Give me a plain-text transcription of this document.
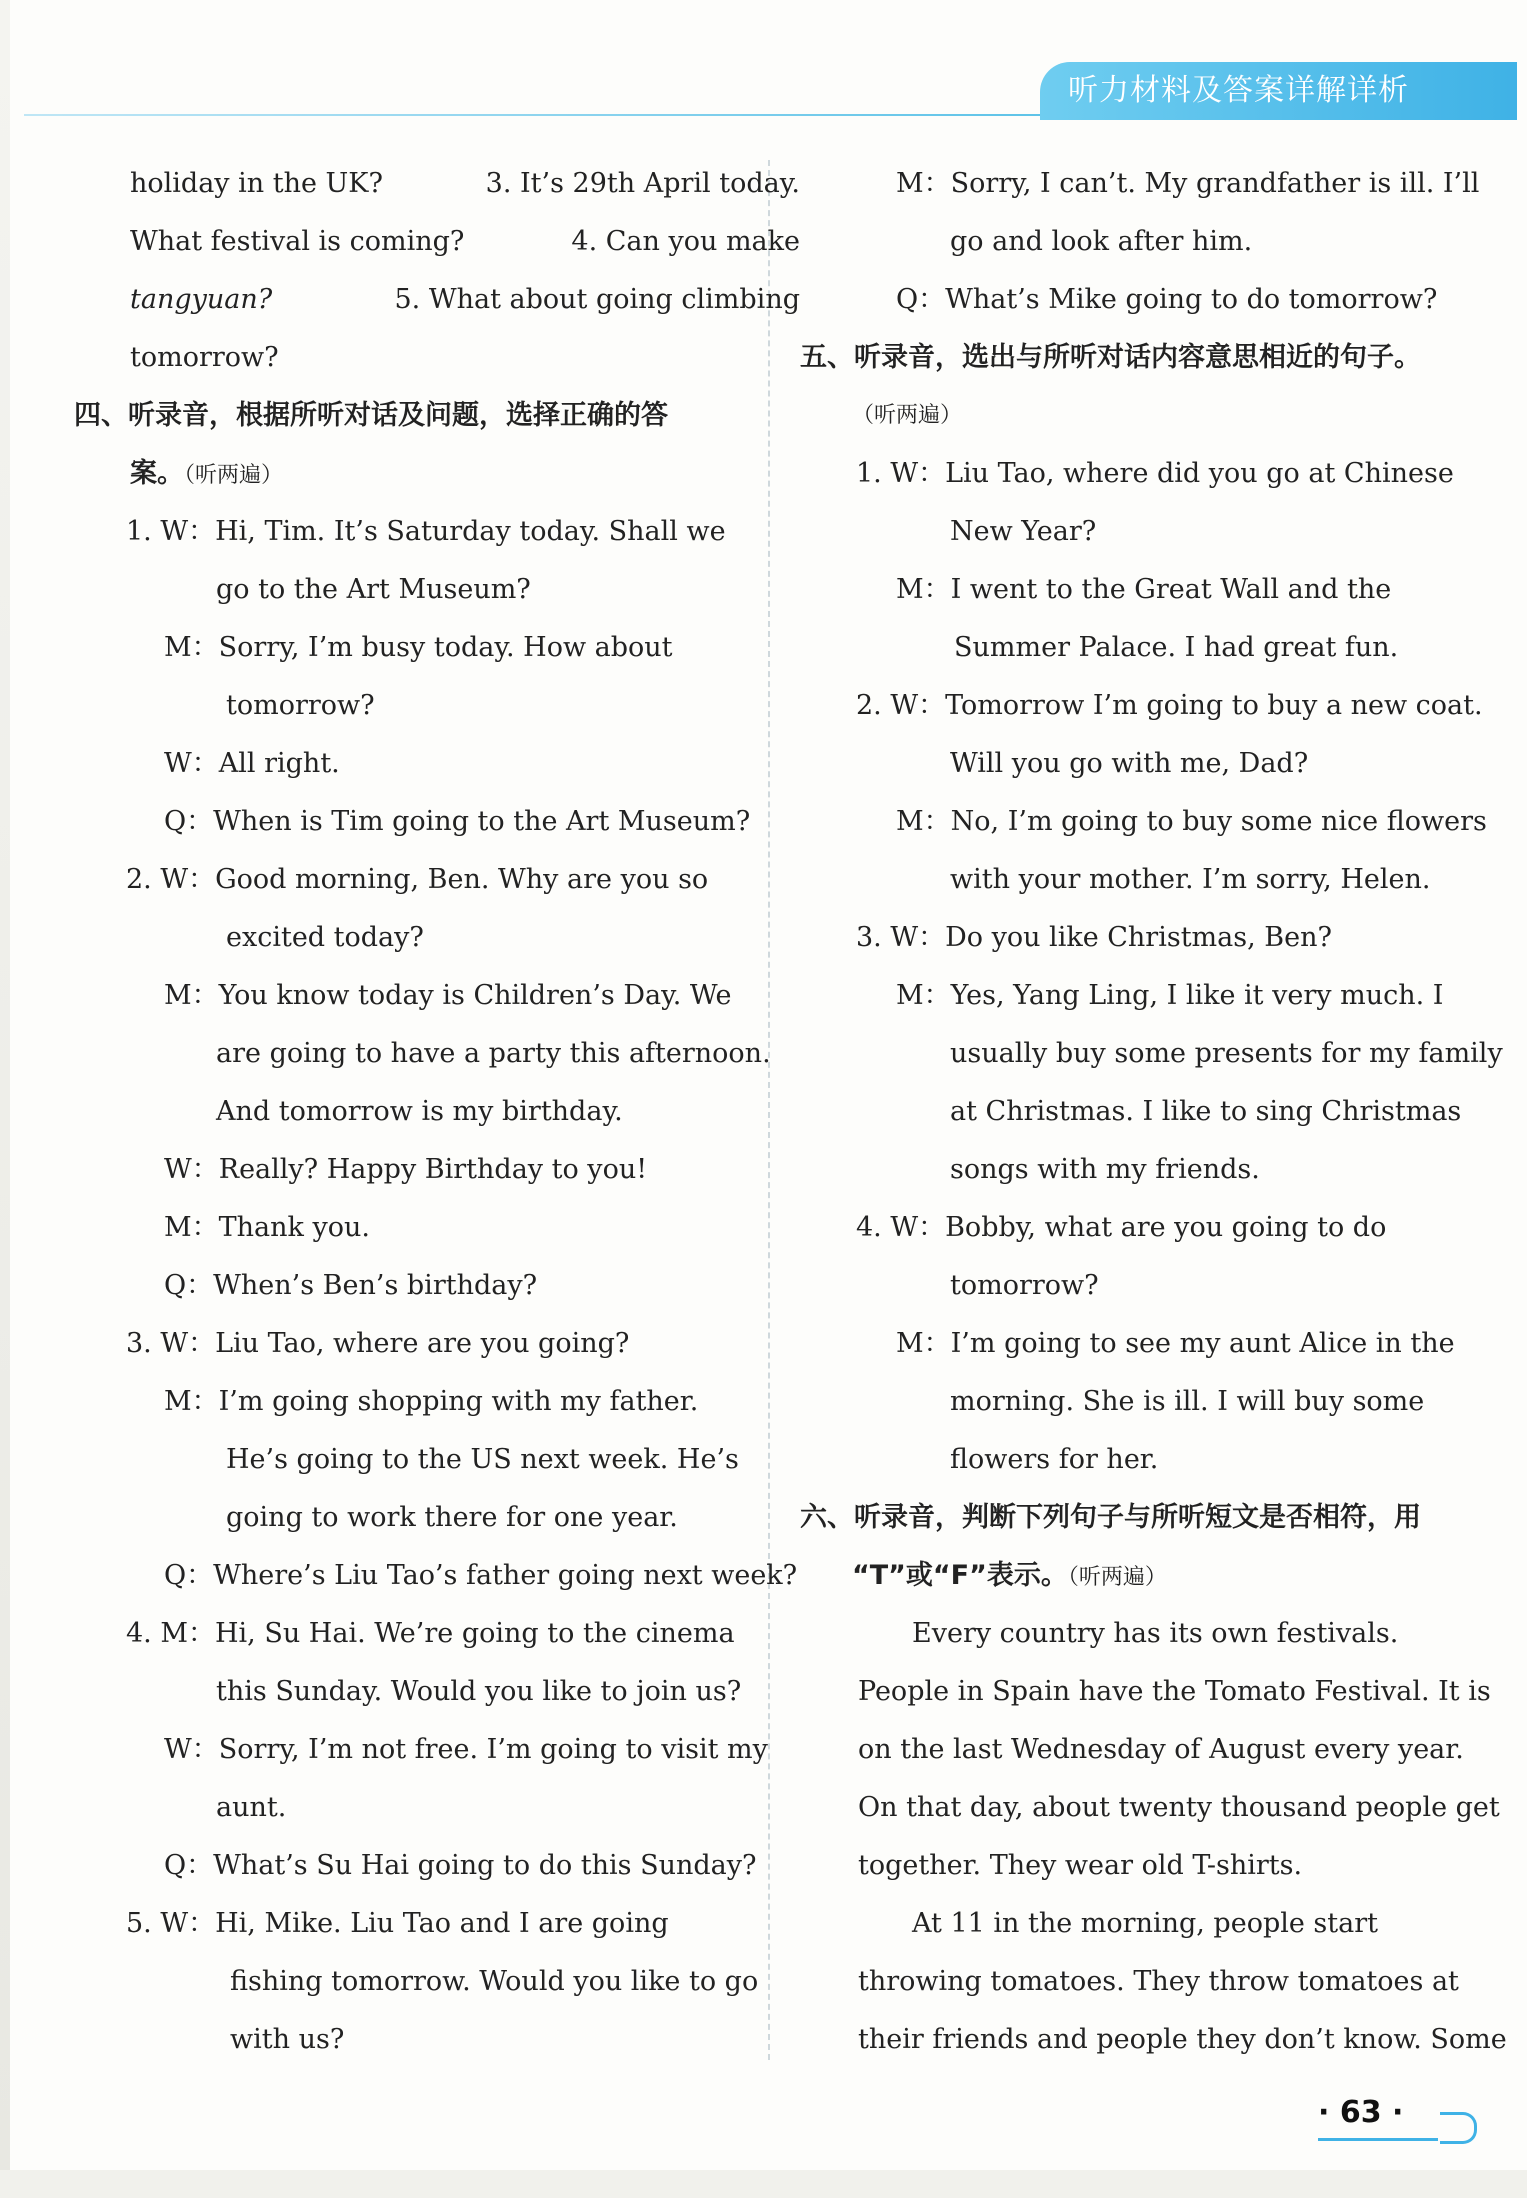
听力材料及答案详解详析
holiday in the UK?	3. It’s 29th April today.
What festival is coming?	4. Can you make
tangyuan?	5. What about going climbing
tomorrow?
四、听录音，根据所听对话及问题，选择正确的答
案。（听两遍）
1. W：Hi, Tim. It’s Saturday today. Shall we
go to the Art Museum?
M：Sorry, I’m busy today. How about
tomorrow?
W：All right.
Q：When is Tim going to the Art Museum?
2. W：Good morning, Ben. Why are you so
excited today?
M：You know today is Children’s Day. We
are going to have a party this afternoon.
And tomorrow is my birthday.
W：Really? Happy Birthday to you!
M：Thank you.
Q：When’s Ben’s birthday?
3. W：Liu Tao, where are you going?
M：I’m going shopping with my father.
He’s going to the US next week. He’s
going to work there for one year.
Q：Where’s Liu Tao’s father going next week?
4. M：Hi, Su Hai. We’re going to the cinema
this Sunday. Would you like to join us?
W：Sorry, I’m not free. I’m going to visit my
aunt.
Q：What’s Su Hai going to do this Sunday?
5. W：Hi, Mike. Liu Tao and I are going
fishing tomorrow. Would you like to go
with us?
M：Sorry, I can’t. My grandfather is ill. I’ll
go and look after him.
Q：What’s Mike going to do tomorrow?
五、听录音，选出与所听对话内容意思相近的句子。
（听两遍）
1. W：Liu Tao, where did you go at Chinese
New Year?
M：I went to the Great Wall and the
Summer Palace. I had great fun.
2. W：Tomorrow I’m going to buy a new coat.
Will you go with me, Dad?
M：No, I’m going to buy some nice flowers
with your mother. I’m sorry, Helen.
3. W：Do you like Christmas, Ben?
M：Yes, Yang Ling, I like it very much. I
usually buy some presents for my family
at Christmas. I like to sing Christmas
songs with my friends.
4. W：Bobby, what are you going to do
tomorrow?
M：I’m going to see my aunt Alice in the
morning. She is ill. I will buy some
flowers for her.
六、听录音，判断下列句子与所听短文是否相符，用
“T”或“F”表示。（听两遍）
Every country has its own festivals.
People in Spain have the Tomato Festival. It is
on the last Wednesday of August every year.
On that day, about twenty thousand people get
together. They wear old T-shirts.
At 11 in the morning, people start
throwing tomatoes. They throw tomatoes at
their friends and people they don’t know. Some
· 63 ·
